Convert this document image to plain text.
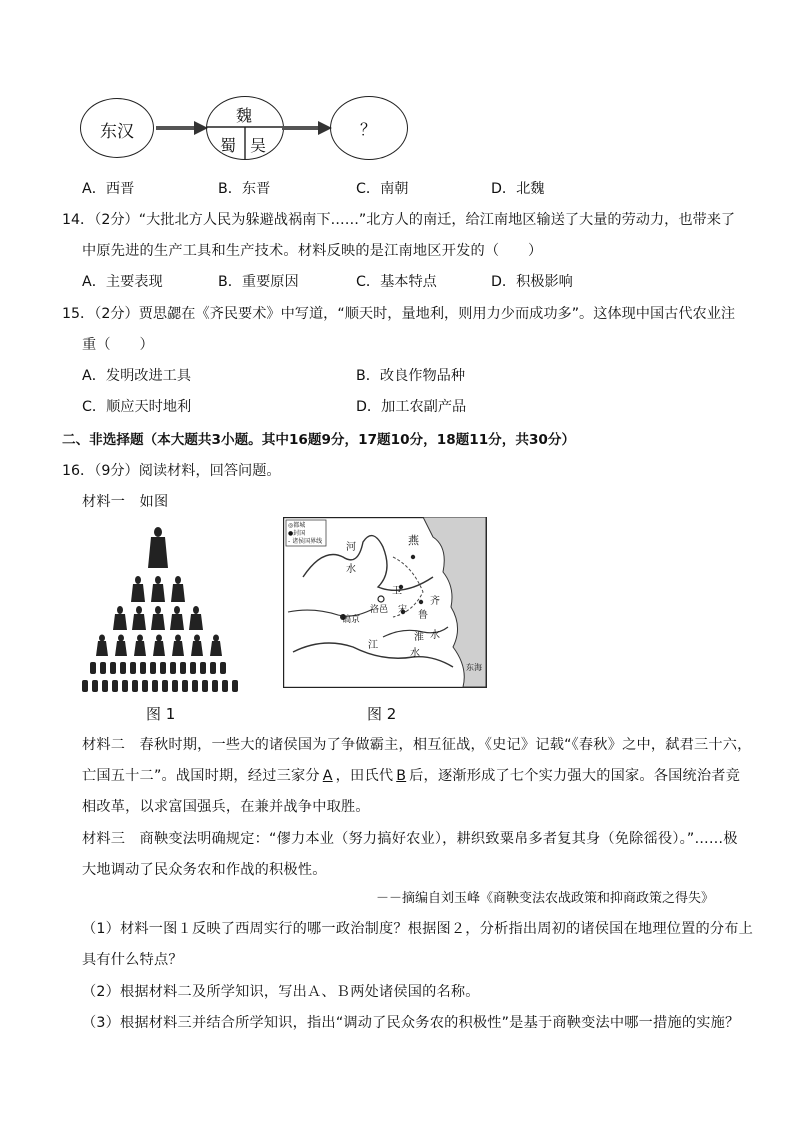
东汉
魏
蜀 吴
？
A．西晋	B．东晋	C．南朝	D．北魏
14．（2分）“大批北方人民为躲避战祸南下……”北方人的南迁，给江南地区输送了大量的劳动力，也带来了
中原先进的生产工具和生产技术。材料反映的是江南地区开发的（　　）
A．主要表现	B．重要原因	C．基本特点	D．积极影响
15．（2分）贾思勰在《齐民要术》中写道，“顺天时，量地利，则用力少而成功多”。这体现中国古代农业注
重（　　）
A．发明改进工具	B．改良作物品种
C．顺应天时地利	D．加工农副产品
二、非选择题（本大题共3小题。其中16题9分，17题10分，18题11分，共30分）
16．（9分）阅读材料，回答问题。
材料一　如图
◎都城
●封国
- 诸侯国界线
河
水
燕
卫
齐
鲁
洛邑 宋
镐京
淮 水
江
水
东海
图 1	图 2
材料二　春秋时期，一些大的诸侯国为了争做霸主，相互征战，《史记》记载“《春秋》之中，弑君三十六，
亡国五十二”。战国时期，经过三家分 A ，田氏代 B 后，逐渐形成了七个实力强大的国家。各国统治者竞
相改革，以求富国强兵，在兼并战争中取胜。
材料三　商鞅变法明确规定：“僇力本业（努力搞好农业），耕织致粟帛多者复其身（免除徭役）。”……极
大地调动了民众务农和作战的积极性。
－－摘编自刘玉峰《商鞅变法农战政策和抑商政策之得失》
（1）材料一图１反映了西周实行的哪一政治制度？根据图２，分析指出周初的诸侯国在地理位置的分布上
具有什么特点？
（2）根据材料二及所学知识，写出Ａ、Ｂ两处诸侯国的名称。
（3）根据材料三并结合所学知识，指出“调动了民众务农的积极性”是基于商鞅变法中哪一措施的实施？
